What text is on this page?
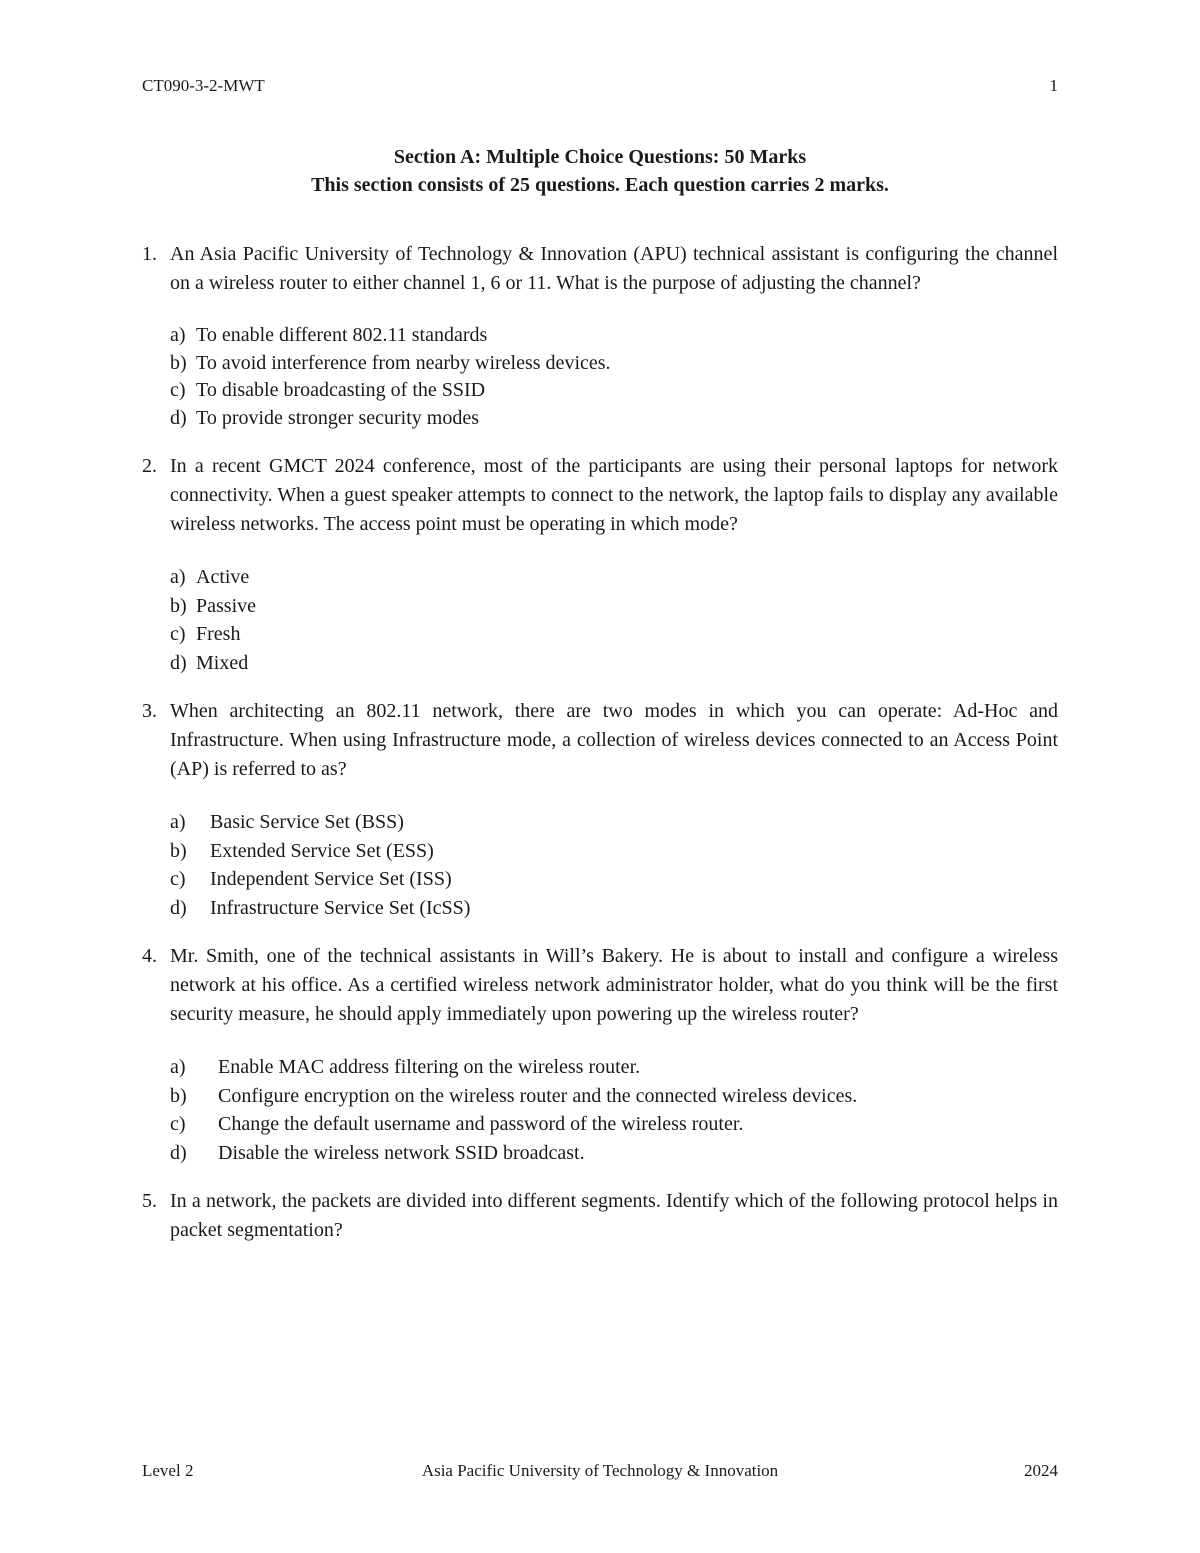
CT090-3-2-MWT	1
Section A: Multiple Choice Questions: 50 Marks
This section consists of 25 questions. Each question carries 2 marks.
1. An Asia Pacific University of Technology & Innovation (APU) technical assistant is configuring the channel on a wireless router to either channel 1, 6 or 11. What is the purpose of adjusting the channel?
a) To enable different 802.11 standards
b) To avoid interference from nearby wireless devices.
c) To disable broadcasting of the SSID
d) To provide stronger security modes
2. In a recent GMCT 2024 conference, most of the participants are using their personal laptops for network connectivity. When a guest speaker attempts to connect to the network, the laptop fails to display any available wireless networks. The access point must be operating in which mode?
a) Active
b) Passive
c) Fresh
d) Mixed
3. When architecting an 802.11 network, there are two modes in which you can operate: Ad-Hoc and Infrastructure. When using Infrastructure mode, a collection of wireless devices connected to an Access Point (AP) is referred to as?
a)	Basic Service Set (BSS)
b)	Extended Service Set (ESS)
c)	Independent Service Set (ISS)
d)	Infrastructure Service Set (IcSS)
4. Mr. Smith, one of the technical assistants in Will’s Bakery. He is about to install and configure a wireless network at his office. As a certified wireless network administrator holder, what do you think will be the first security measure, he should apply immediately upon powering up the wireless router?
a)	Enable MAC address filtering on the wireless router.
b)	Configure encryption on the wireless router and the connected wireless devices.
c)	Change the default username and password of the wireless router.
d)	Disable the wireless network SSID broadcast.
5. In a network, the packets are divided into different segments. Identify which of the following protocol helps in packet segmentation?
Level 2	Asia Pacific University of Technology & Innovation	2024
